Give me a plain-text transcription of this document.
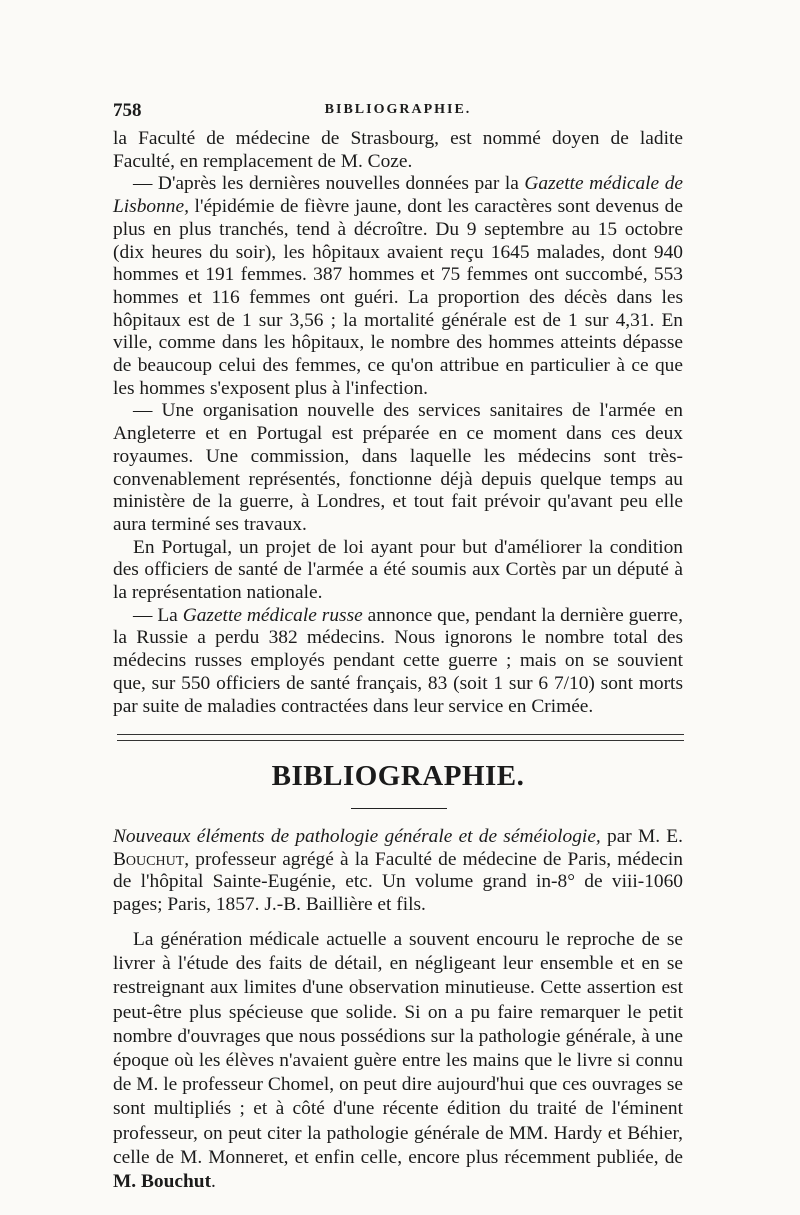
758	BIBLIOGRAPHIE.

la Faculté de médecine de Strasbourg, est nommé doyen de ladite Faculté, en remplacement de M. Coze.

— D'après les dernières nouvelles données par la Gazette médicale de Lisbonne, l'épidémie de fièvre jaune, dont les caractères sont devenus de plus en plus tranchés, tend à décroître. Du 9 septembre au 15 octobre (dix heures du soir), les hôpitaux avaient reçu 1645 malades, dont 940 hommes et 191 femmes. 387 hommes et 75 femmes ont succombé, 553 hommes et 116 femmes ont guéri. La proportion des décès dans les hôpitaux est de 1 sur 3,56 ; la mortalité générale est de 1 sur 4,31. En ville, comme dans les hôpitaux, le nombre des hommes atteints dépasse de beaucoup celui des femmes, ce qu'on attribue en particulier à ce que les hommes s'exposent plus à l'infection.

— Une organisation nouvelle des services sanitaires de l'armée en Angleterre et en Portugal est préparée en ce moment dans ces deux royaumes. Une commission, dans laquelle les médecins sont très-convenablement représentés, fonctionne déjà depuis quelque temps au ministère de la guerre, à Londres, et tout fait prévoir qu'avant peu elle aura terminé ses travaux.

En Portugal, un projet de loi ayant pour but d'améliorer la condition des officiers de santé de l'armée a été soumis aux Cortès par un député à la représentation nationale.

— La Gazette médicale russe annonce que, pendant la dernière guerre, la Russie a perdu 382 médecins. Nous ignorons le nombre total des médecins russes employés pendant cette guerre ; mais on se souvient que, sur 550 officiers de santé français, 83 (soit 1 sur 6 7/10) sont morts par suite de maladies contractées dans leur service en Crimée.

BIBLIOGRAPHIE.

Nouveaux éléments de pathologie générale et de séméiologie, par M. E. Bouchut, professeur agrégé à la Faculté de médecine de Paris, médecin de l'hôpital Sainte-Eugénie, etc. Un volume grand in-8° de viii-1060 pages; Paris, 1857. J.-B. Baillière et fils.

La génération médicale actuelle a souvent encouru le reproche de se livrer à l'étude des faits de détail, en négligeant leur ensemble et en se restreignant aux limites d'une observation minutieuse. Cette assertion est peut-être plus spécieuse que solide. Si on a pu faire remarquer le petit nombre d'ouvrages que nous possédions sur la pathologie générale, à une époque où les élèves n'avaient guère entre les mains que le livre si connu de M. le professeur Chomel, on peut dire aujourd'hui que ces ouvrages se sont multipliés ; et à côté d'une récente édition du traité de l'éminent professeur, on peut citer la pathologie générale de MM. Hardy et Béhier, celle de M. Monneret, et enfin celle, encore plus récemment publiée, de M. Bouchut.
